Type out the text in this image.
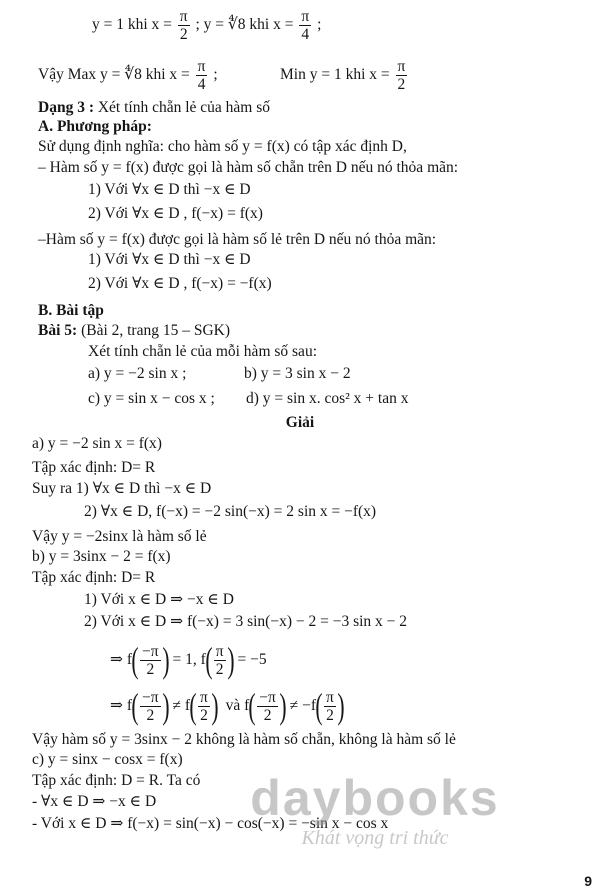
y = 1 khi $x = \frac{\pi}{2}$ ; y = ∜8 khi $x = \frac{\pi}{4}$ ;
Vậy Max y = ∜8 khi $x = \frac{\pi}{4}$ ;	Min y = 1 khi $x = \frac{\pi}{2}$
Dạng 3 : Xét tính chẵn lẻ của hàm số
A. Phương pháp:
Sử dụng định nghĩa: cho hàm số y = f(x) có tập xác định D,
– Hàm số y = f(x) được gọi là hàm số chẵn trên D nếu nó thỏa mãn:
1) Với ∀x ∈ D thì −x ∈ D
2) Với ∀x ∈ D , f(−x) = f(x)
–Hàm số y = f(x) được gọi là hàm số lẻ trên D nếu nó thỏa mãn:
1) Với ∀x ∈ D thì −x ∈ D
2) Với ∀x ∈ D , f(−x) = −f(x)
B. Bài tập
Bài 5: (Bài 2, trang 15 – SGK)
Xét tính chẵn lẻ của mỗi hàm số sau:
a) y = −2 sin x ;	b) y = 3 sin x − 2
c) y = sin x − cos x ; d) y = sin x. cos² x + tan x
Giải
a) y = −2 sin x = f(x)
Tập xác định: D= R
Suy ra 1) ∀x ∈ D thì −x ∈ D
2) ∀x ∈ D, f(−x) = −2 sin(−x) = 2 sin x = −f(x)
Vậy y = −2sinx là hàm số lẻ
b) y = 3sinx − 2 = f(x)
Tập xác định: D= R
1) Với x ∈ D ⇒ −x ∈ D
2) Với x ∈ D ⇒ f(−x) = 3 sin(−x) − 2 = −3 sin x − 2
⇒ $f( \frac{-\pi}{2}$ ) = 1, $f( \frac{\pi}{2}$ ) = −5
⇒ $f( \frac{-\pi}{2}$ ) ≠ $f( \frac{\pi}{2}$ ) và $f( \frac{-\pi}{2}$ ) ≠ $-f( \frac{\pi}{2}$ )
Vậy hàm số y = 3sinx − 2 không là hàm số chẵn, không là hàm số lẻ
c) y = sinx − cosx = f(x)
Tập xác định: D = R. Ta có
- ∀x ∈ D ⇒ −x ∈ D
- Với x ∈ D ⇒ f(−x) = sin(−x) − cos(−x) = −sin x − cos x
daybooks
Khát vọng tri thức
9
